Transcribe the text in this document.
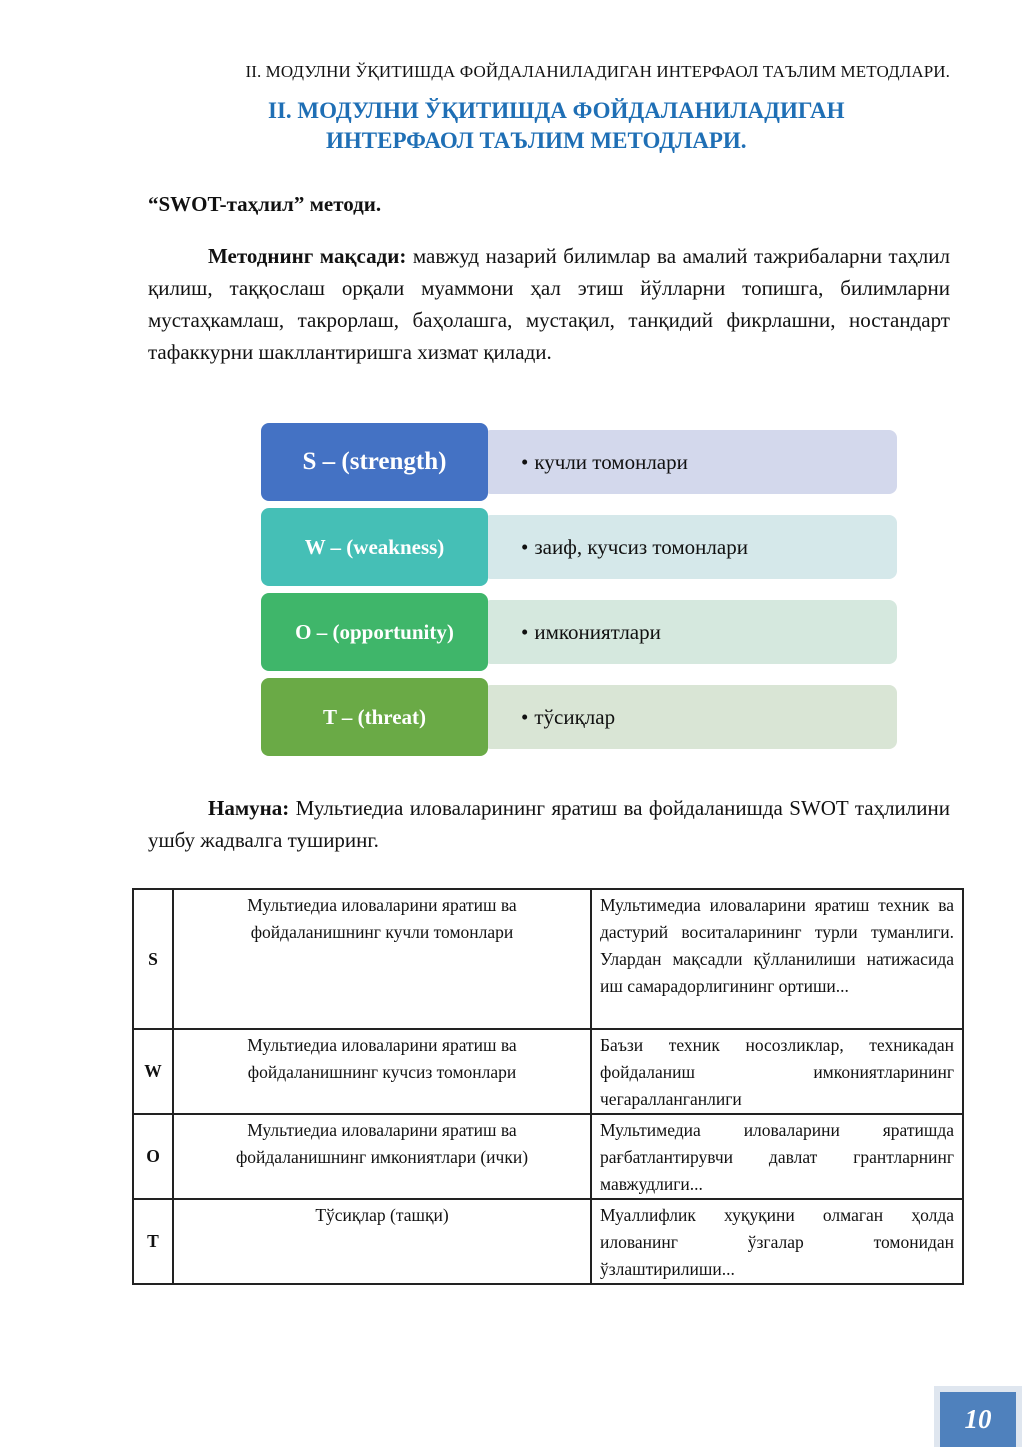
II. МОДУЛНИ ЎҚИТИШДА ФОЙДАЛАНИЛАДИГАН ИНТЕРФАОЛ ТАЪЛИМ МЕТОДЛАРИ.
II. МОДУЛНИ ЎҚИТИШДА ФОЙДАЛАНИЛАДИГАН
ИНТЕРФАОЛ ТАЪЛИМ МЕТОДЛАРИ.
“SWOT-таҳлил” методи.

Методнинг мақсади: мавжуд назарий билимлар ва амалий тажрибаларни таҳлил қилиш, таққослаш орқали муаммони ҳал этиш йўлларни топишга, билимларни мустаҳкамлаш, такрорлаш, баҳолашга, мустақил, танқидий фикрлашни, ностандарт тафаккурни шакллантиришга хизмат қилади.

S – (strength)	• кучли томонлари
W – (weakness)	• заиф, кучсиз томонлари
O – (opportunity)	• имкониятлари
T – (threat)	• тўсиқлар

Намуна: Мультиедиа иловаларининг яратиш ва фойдаланишда SWOT таҳлилини ушбу жадвалга туширинг.

S	Мультиедиа иловаларини яратиш ва фойдаланишнинг кучли томонлари	Мультимедиа иловаларини яратиш техник ва дастурий воситаларининг турли туманлиги. Улардан мақсадли қўлланилиши натижасида иш самарадорлигининг ортиши...
W	Мультиедиа иловаларини яратиш ва фойдаланишнинг кучсиз томонлари	Баъзи техник носозликлар, техникадан фойдаланиш имкониятларининг чегаралланганлиги
O	Мультиедиа иловаларини яратиш ва фойдаланишнинг имкониятлари (ички)	Мультимедиа иловаларини яратишда рағбатлантирувчи давлат грантларнинг мавжудлиги...
T	Тўсиқлар (ташқи)	Муаллифлик хуқуқини олмаган ҳолда илованинг ўзгалар томонидан ўзлаштирилиши...
10
